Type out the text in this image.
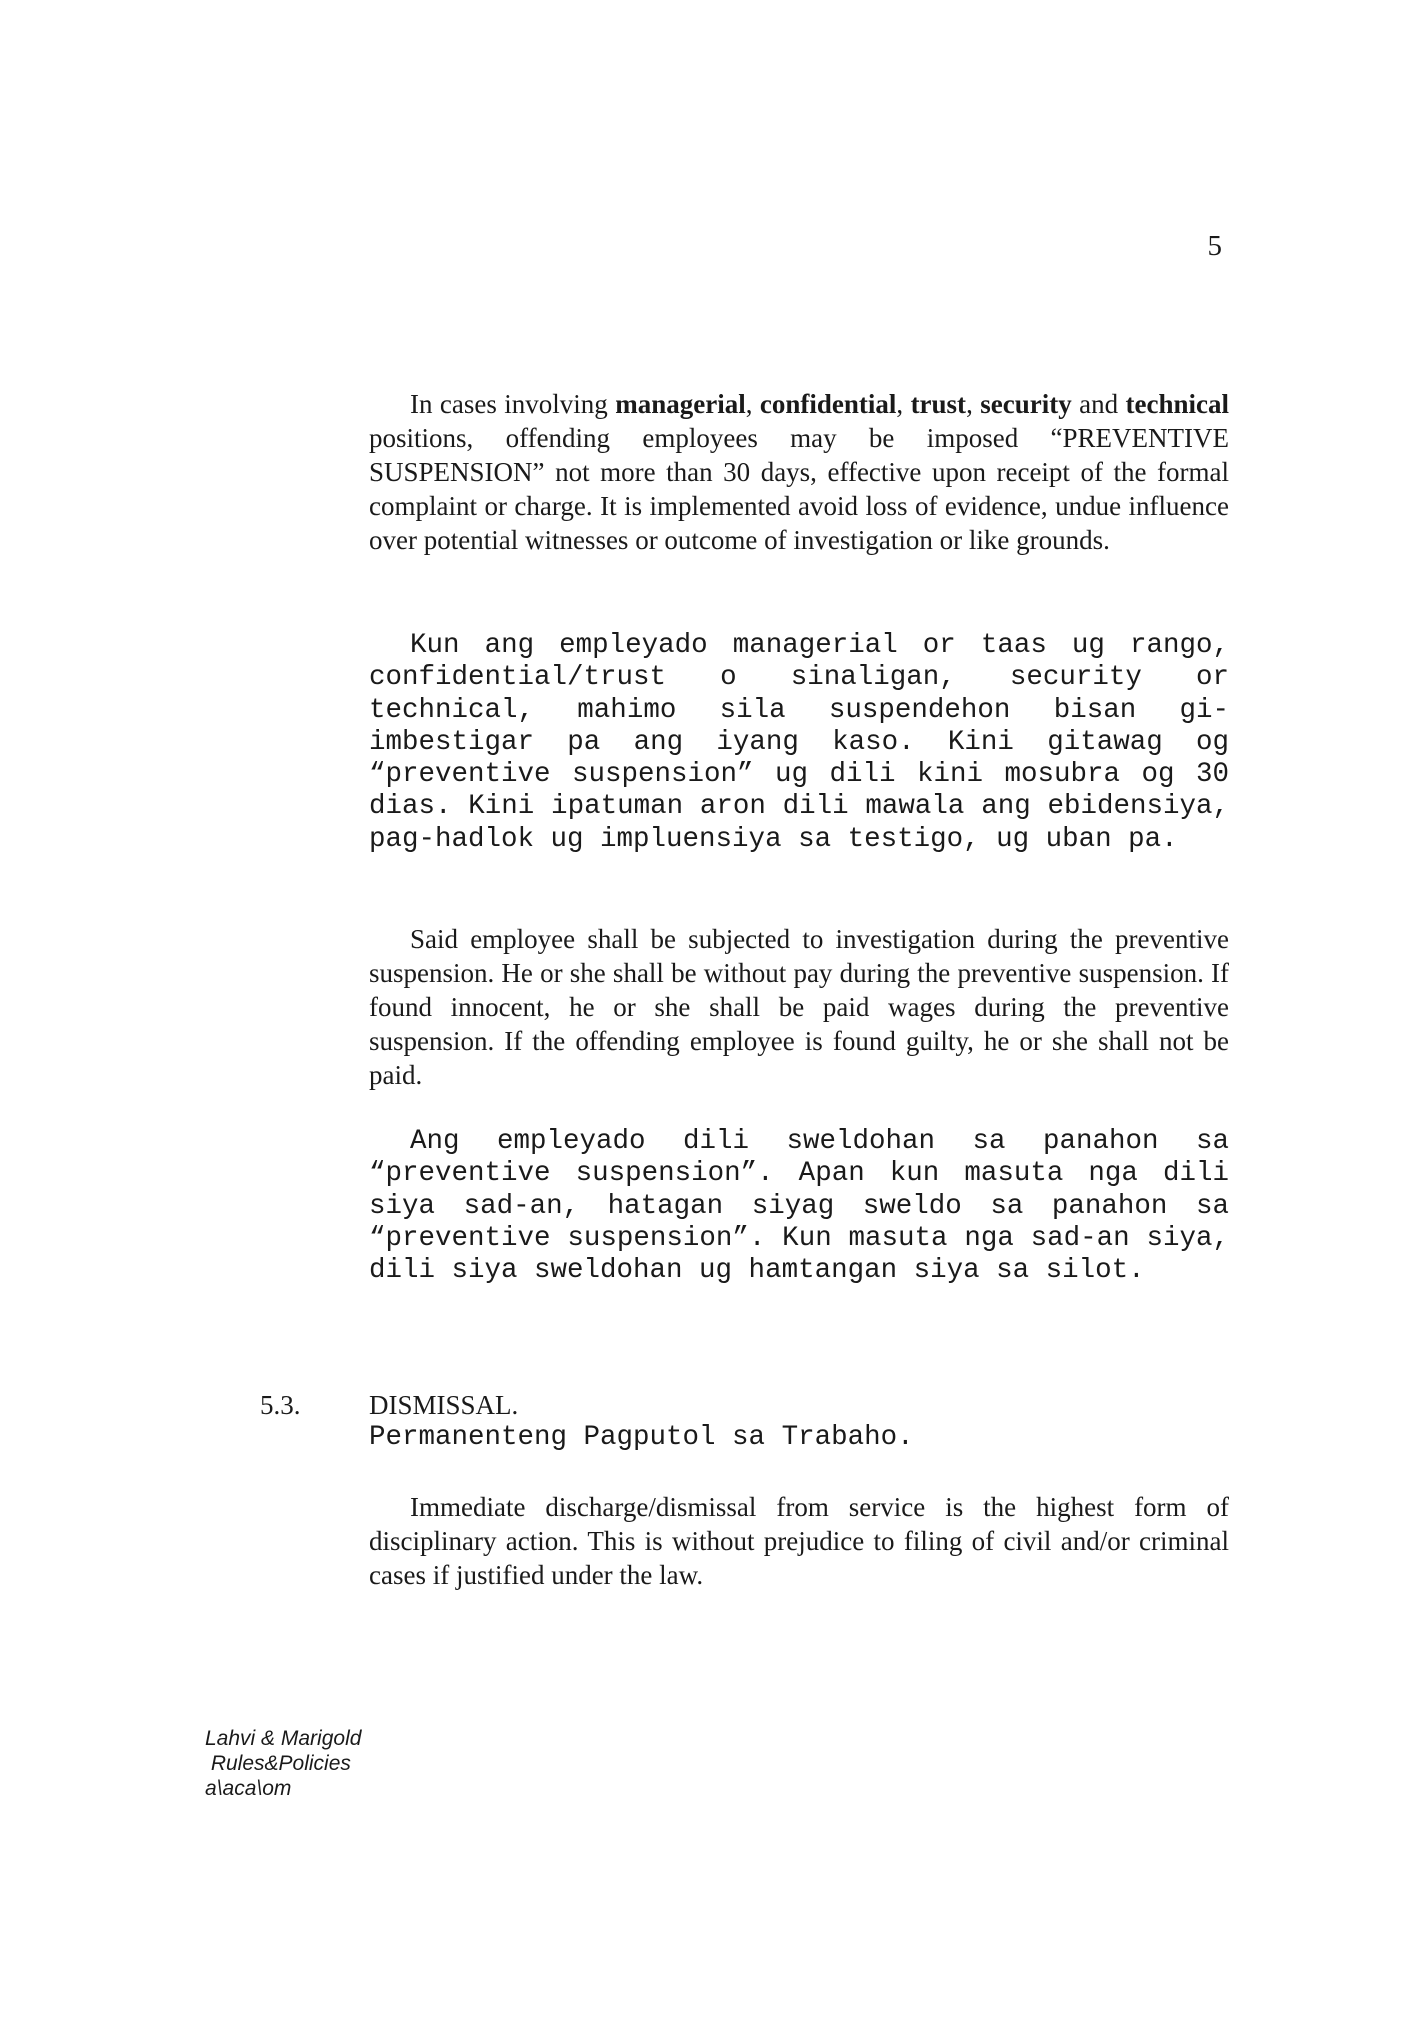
5

In cases involving managerial, confidential, trust, security and technical positions, offending employees may be imposed “PREVENTIVE SUSPENSION” not more than 30 days, effective upon receipt of the formal complaint or charge. It is implemented avoid loss of evidence, undue influence over potential witnesses or outcome of investigation or like grounds.

Kun ang empleyado managerial or taas ug rango, confidential/trust o sinaligan, security or technical, mahimo sila suspendehon bisan gi-imbestigar pa ang iyang kaso. Kini gitawag og “preventive suspension” ug dili kini mosubra og 30 dias. Kini ipatuman aron dili mawala ang ebidensiya, pag-hadlok ug impluensiya sa testigo, ug uban pa.

Said employee shall be subjected to investigation during the preventive suspension. He or she shall be without pay during the preventive suspension. If found innocent, he or she shall be paid wages during the preventive suspension. If the offending employee is found guilty, he or she shall not be paid.

Ang empleyado dili sweldohan sa panahon sa “preventive suspension”. Apan kun masuta nga dili siya sad-an, hatagan siyag sweldo sa panahon sa “preventive suspension”. Kun masuta nga sad-an siya, dili siya sweldohan ug hamtangan siya sa silot.

5.3.	DISMISSAL.
Permanenteng Pagputol sa Trabaho.

Immediate discharge/dismissal from service is the highest form of disciplinary action. This is without prejudice to filing of civil and/or criminal cases if justified under the law.

Lahvi & Marigold
Rules&Policies
a\aca\om
